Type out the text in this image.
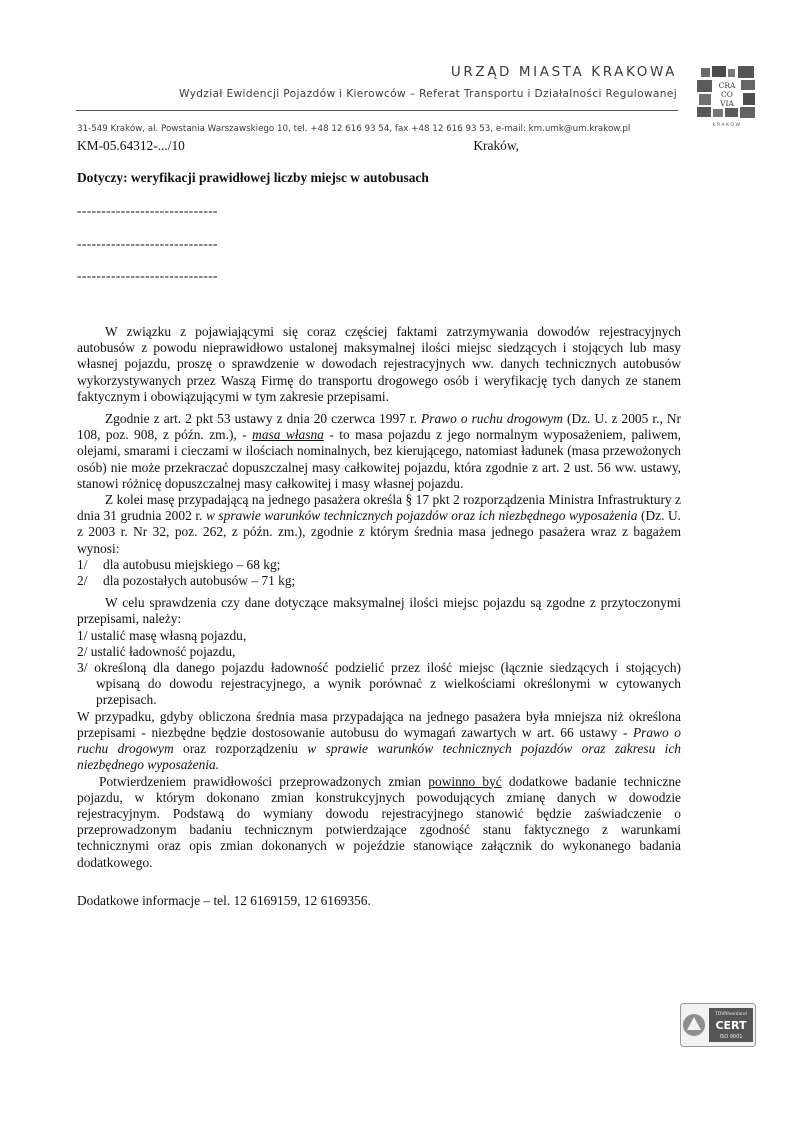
URZĄD MIASTA KRAKOWA
Wydział Ewidencji Pojazdów i Kierowców – Referat Transportu i Działalności Regulowanej
31-549 Kraków, al. Powstania Warszawskiego 10, tel. +48 12 616 93 54, fax +48 12 616 93 53, e-mail: km.umk@um.krakow.pl
CRA
CO
VIA
KRAKÓW
KM-05.64312-.../10	Kraków,

Dotyczy: weryfikacji prawidłowej liczby miejsc w autobusach

-----------------------------

-----------------------------

-----------------------------

W związku z pojawiającymi się coraz częściej faktami zatrzymywania dowodów rejestracyjnych autobusów z powodu nieprawidłowo ustalonej maksymalnej ilości miejsc siedzących i stojących lub masy własnej pojazdu, proszę o sprawdzenie w dowodach rejestracyjnych ww. danych technicznych autobusów wykorzystywanych przez Waszą Firmę do transportu drogowego osób i weryfikację tych danych ze stanem faktycznym i obowiązującymi w tym zakresie przepisami.

Zgodnie z art. 2 pkt 53 ustawy z dnia 20 czerwca 1997 r. Prawo o ruchu drogowym (Dz. U. z 2005 r., Nr 108, poz. 908, z późn. zm.), - masa własna - to masa pojazdu z jego normalnym wyposażeniem, paliwem, olejami, smarami i cieczami w ilościach nominalnych, bez kierującego, natomiast ładunek (masa przewożonych osób) nie może przekraczać dopuszczalnej masy całkowitej pojazdu, która zgodnie z art. 2 ust. 56 ww. ustawy, stanowi różnicę dopuszczalnej masy całkowitej i masy własnej pojazdu.

Z kolei masę przypadającą na jednego pasażera określa § 17 pkt 2 rozporządzenia Ministra Infrastruktury z dnia 31 grudnia 2002 r. w sprawie warunków technicznych pojazdów oraz ich niezbędnego wyposażenia (Dz. U. z 2003 r. Nr 32, poz. 262, z późn. zm.), zgodnie z którym średnia masa jednego pasażera wraz z bagażem wynosi:

1/	dla autobusu miejskiego – 68 kg;
2/	dla pozostałych autobusów – 71 kg;

W celu sprawdzenia czy dane dotyczące maksymalnej ilości miejsc pojazdu są zgodne z przytoczonymi przepisami, należy:

1/ ustalić masę własną pojazdu,

2/ ustalić ładowność pojazdu,

3/ określoną dla danego pojazdu ładowność podzielić przez ilość miejsc (łącznie siedzących i stojących) wpisaną do dowodu rejestracyjnego, a wynik porównać z wielkościami określonymi w cytowanych przepisach.

W przypadku, gdyby obliczona średnia masa przypadająca na jednego pasażera była mniejsza niż określona przepisami - niezbędne będzie dostosowanie autobusu do wymagań zawartych w art. 66 ustawy - Prawo o ruchu drogowym oraz rozporządzeniu w sprawie warunków technicznych pojazdów oraz zakresu ich niezbędnego wyposażenia.

Potwierdzeniem prawidłowości przeprowadzonych zmian powinno być dodatkowe badanie techniczne pojazdu, w którym dokonano zmian konstrukcyjnych powodujących zmianę danych w dowodzie rejestracyjnym. Podstawą do wymiany dowodu rejestracyjnego stanowić będzie zaświadczenie o przeprowadzonym badaniu technicznym potwierdzające zgodność stanu faktycznego z warunkami technicznymi oraz opis zmian dokonanych w pojeździe stanowiące załącznik do wykonanego badania dodatkowego.

Dodatkowe informacje – tel. 12 6169159, 12 6169356.

TÜVRheinland
CERT
ISO 9001
